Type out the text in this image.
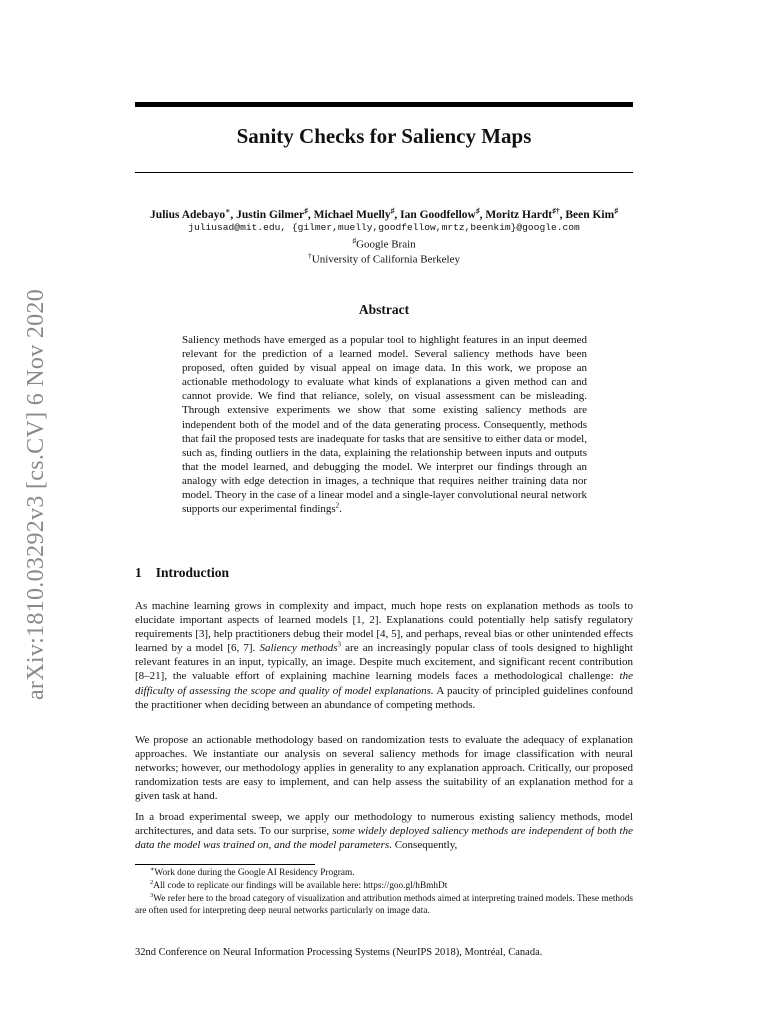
arXiv:1810.03292v3 [cs.CV] 6 Nov 2020
Sanity Checks for Saliency Maps
Julius Adebayo∗, Justin Gilmer♯, Michael Muelly♯, Ian Goodfellow♯, Moritz Hardt♯†, Been Kim♯
juliusad@mit.edu, {gilmer,muelly,goodfellow,mrtz,beenkim}@google.com
♯Google Brain
†University of California Berkeley
Abstract

Saliency methods have emerged as a popular tool to highlight features in an input deemed relevant for the prediction of a learned model. Several saliency methods have been proposed, often guided by visual appeal on image data. In this work, we propose an actionable methodology to evaluate what kinds of explanations a given method can and cannot provide. We find that reliance, solely, on visual assessment can be misleading. Through extensive experiments we show that some existing saliency methods are independent both of the model and of the data generating process. Consequently, methods that fail the proposed tests are inadequate for tasks that are sensitive to either data or model, such as, finding outliers in the data, explaining the relationship between inputs and outputs that the model learned, and debugging the model. We interpret our findings through an analogy with edge detection in images, a technique that requires neither training data nor model. Theory in the case of a linear model and a single-layer convolutional neural network supports our experimental findings$^2$.

1 Introduction

As machine learning grows in complexity and impact, much hope rests on explanation methods as tools to elucidate important aspects of learned models [1, 2]. Explanations could potentially help satisfy regulatory requirements [3], help practitioners debug their model [4, 5], and perhaps, reveal bias or other unintended effects learned by a model [6, 7]. Saliency methods$^3$ are an increasingly popular class of tools designed to highlight relevant features in an input, typically, an image. Despite much excitement, and significant recent contribution [8–21], the valuable effort of explaining machine learning models faces a methodological challenge: the difficulty of assessing the scope and quality of model explanations. A paucity of principled guidelines confound the practitioner when deciding between an abundance of competing methods.

We propose an actionable methodology based on randomization tests to evaluate the adequacy of explanation approaches. We instantiate our analysis on several saliency methods for image classification with neural networks; however, our methodology applies in generality to any explanation approach. Critically, our proposed randomization tests are easy to implement, and can help assess the suitability of an explanation method for a given task at hand.

In a broad experimental sweep, we apply our methodology to numerous existing saliency methods, model architectures, and data sets. To our surprise, some widely deployed saliency methods are independent of both the data the model was trained on, and the model parameters. Consequently,

∗Work done during the Google AI Residency Program.

$^2$All code to replicate our findings will be available here: https://goo.gl/hBmhDt

$^3$We refer here to the broad category of visualization and attribution methods aimed at interpreting trained models. These methods are often used for interpreting deep neural networks particularly on image data.

32nd Conference on Neural Information Processing Systems (NeurIPS 2018), Montréal, Canada.
